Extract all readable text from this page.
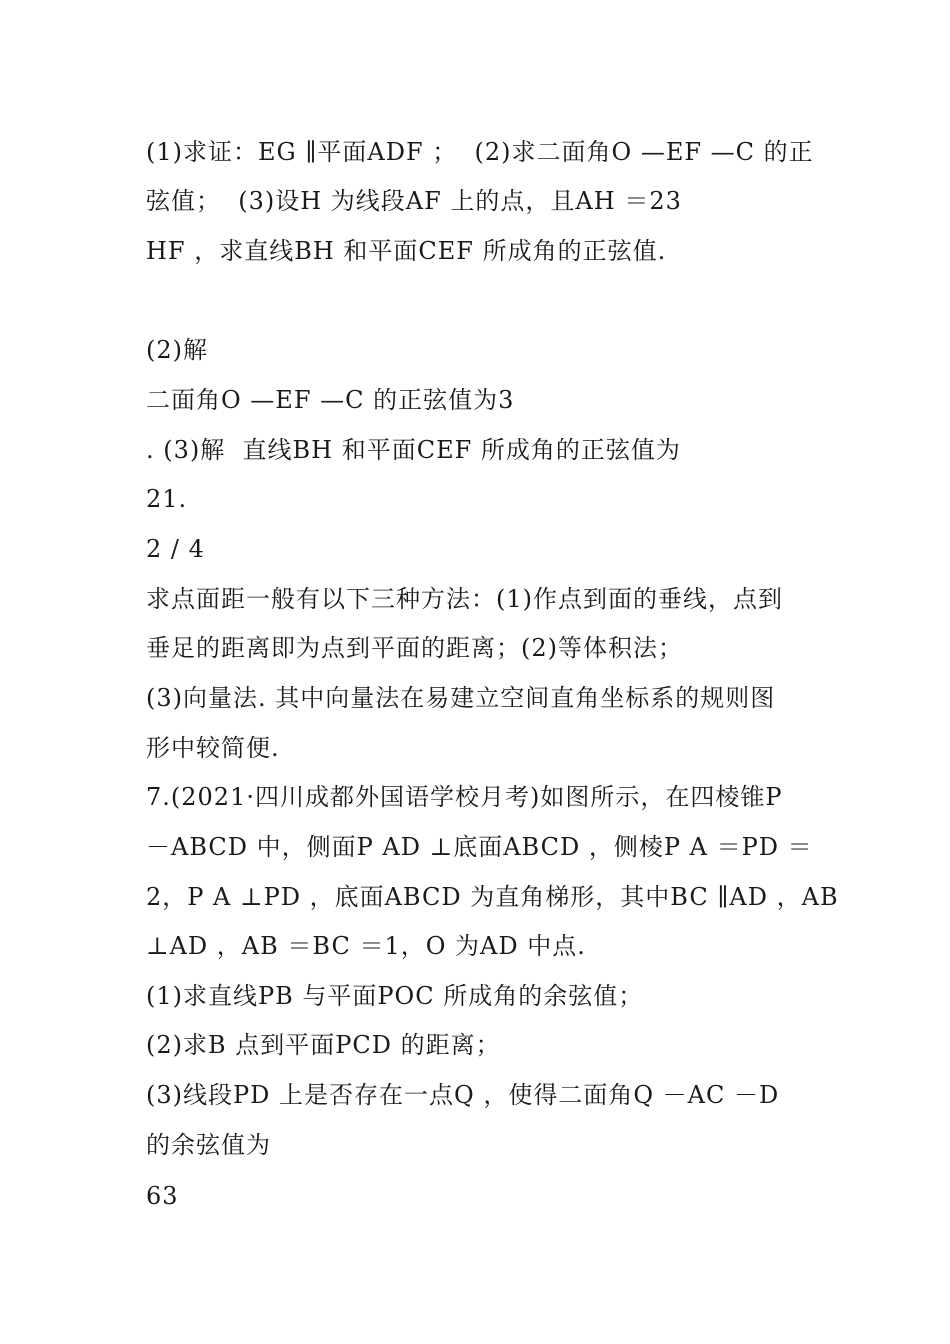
(1)求证：EG ∥平面ADF ；  (2)求二面角O —EF —C 的正
弦值；  (3)设H 为线段AF 上的点，且AH ＝23
HF ，求直线BH 和平面CEF 所成角的正弦值.
(2)解
二面角O —EF —C 的正弦值为3
. (3)解  直线BH 和平面CEF 所成角的正弦值为
21.
2 / 4
求点面距一般有以下三种方法：(1)作点到面的垂线，点到
垂足的距离即为点到平面的距离；(2)等体积法；
(3)向量法. 其中向量法在易建立空间直角坐标系的规则图
形中较简便.
7.(2021·四川成都外国语学校月考)如图所示，在四棱锥P
－ABCD 中，侧面P AD ⊥底面ABCD ，侧棱P A ＝PD ＝
2，P A ⊥PD ，底面ABCD 为直角梯形，其中BC ∥AD ，AB
⊥AD ，AB ＝BC ＝1，O 为AD 中点.
(1)求直线PB 与平面POC 所成角的余弦值；
(2)求B 点到平面PCD 的距离；
(3)线段PD 上是否存在一点Q ，使得二面角Q －AC －D
的余弦值为
63
